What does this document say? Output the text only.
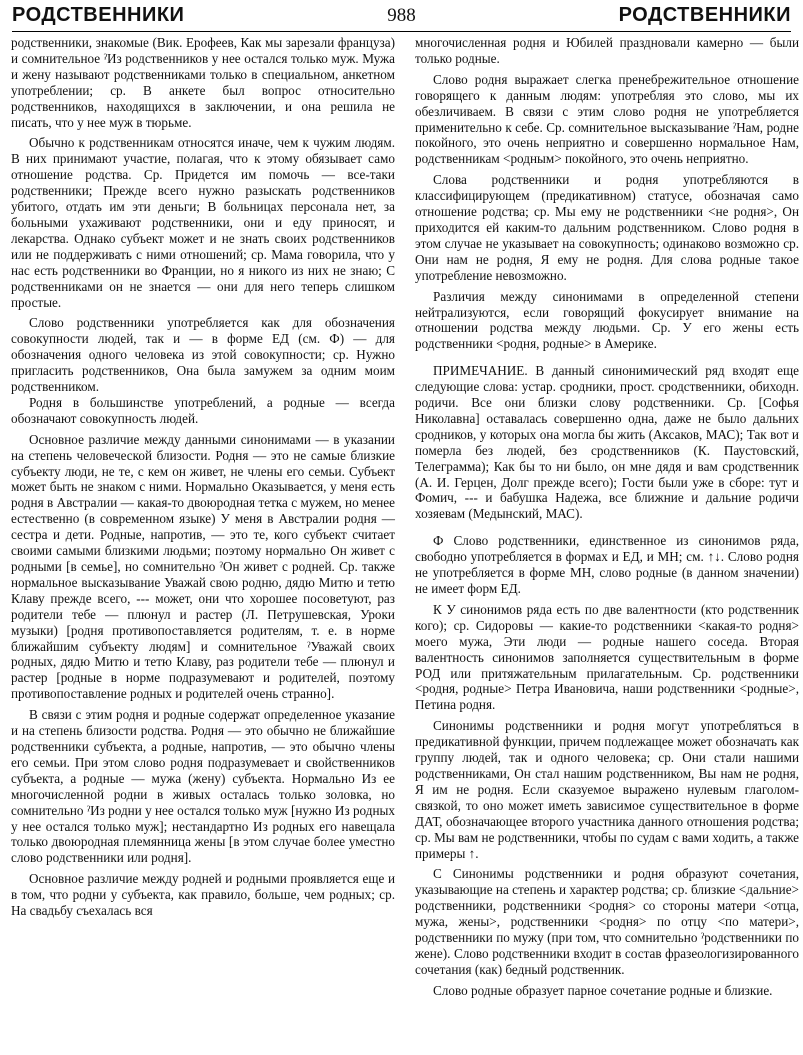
РОДСТВЕННИКИ	988	РОДСТВЕННИКИ

родственники, знакомые (Вик. Ерофеев, Как мы зарезали француза) и сомнительное ˀИз родственников у нее остался только муж. Мужа и жену называют родственниками только в специальном, анкетном употреблении; ср. В анкете был вопрос относительно родственников, находящихся в заключении, и она решила не писать, что у нее муж в тюрьме.

Обычно к родственникам относятся иначе, чем к чужим людям. В них принимают участие, полагая, что к этому обязывает само отношение родства. Ср. Придется им помочь — все-таки родственники; Прежде всего нужно разыскать родственников убитого, отдать им эти деньги; В больницах персонала нет, за больными ухаживают родственники, они и еду приносят, и лекарства. Однако субъект может и не знать своих родственников или не поддерживать с ними отношений; ср. Мама говорила, что у нас есть родственники во Франции, но я никого из них не знаю; С родственниками он не знается — они для него теперь слишком простые.

Слово родственники употребляется как для обозначения совокупности людей, так и — в форме ЕД (см. Ф) — для обозначения одного человека из этой совокупности; ср. Нужно пригласить родственников, Она была замужем за одним моим родственником.

Родня в большинстве употреблений, а родные — всегда обозначают совокупность людей.

Основное различие между данными синонимами — в указании на степень человеческой близости. Родня — это не самые близкие субъекту люди, не те, с кем он живет, не члены его семьи. Субъект может быть не знаком с ними. Нормально Оказывается, у меня есть родня в Австралии — какая-то двоюродная тетка с мужем, но менее естественно (в современном языке) У меня в Австралии родня — сестра и дети. Родные, напротив, — это те, кого субъект считает своими самыми близкими людьми; поэтому нормально Он живет с родными [в семье], но сомнительно ˀОн живет с родней. Ср. также нормальное высказывание Уважай свою родню, дядю Митю и тетю Клаву прежде всего, --- может, они что хорошее посоветуют, раз родители тебе — плюнул и растер (Л. Петрушевская, Уроки музыки) [родня противопоставляется родителям, т. е. в норме ближайшим субъекту людям] и сомнительное ˀУважай своих родных, дядю Митю и тетю Клаву, раз родители тебе — плюнул и растер [родные в норме подразумевают и родителей, поэтому противопоставление родных и родителей очень странно].

В связи с этим родня и родные содержат определенное указание и на степень близости родства. Родня — это обычно не ближайшие родственники субъекта, а родные, напротив, — это обычно члены его семьи. При этом слово родня подразумевает и свойственников субъекта, а родные — мужа (жену) субъекта. Нормально Из ее многочисленной родни в живых осталась только золовка, но сомнительно ˀИз родни у нее остался только муж [нужно Из родных у нее остался только муж]; нестандартно Из родных его навещала только двоюродная племянница жены [в этом случае более уместно слово родственники или родня].

Основное различие между родней и родными проявляется еще и в том, что родни у субъекта, как правило, больше, чем родных; ср. На свадьбу съехалась вся

многочисленная родня и Юбилей праздновали камерно — были только родные.

Слово родня выражает слегка пренебрежительное отношение говорящего к данным людям: употребляя это слово, мы их обезличиваем. В связи с этим слово родня не употребляется применительно к себе. Ср. сомнительное высказывание ˀНам, родне покойного, это очень неприятно и совершенно нормальное Нам, родственникам <родным> покойного, это очень неприятно.

Слова родственники и родня употребляются в классифицирующем (предикативном) статусе, обозначая само отношение родства; ср. Мы ему не родственники <не родня>, Он приходится ей каким-то дальним родственником. Слово родня в этом случае не указывает на совокупность; одинаково возможно ср. Они нам не родня, Я ему не родня. Для слова родные такое употребление невозможно.

Различия между синонимами в определенной степени нейтрализуются, если говорящий фокусирует внимание на отношении родства между людьми. Ср. У его жены есть родственники <родня, родные> в Америке.

ПРИМЕЧАНИЕ. В данный синонимический ряд входят еще следующие слова: устар. сродники, прост. сродственники, обиходн. родичи. Все они близки слову родственники. Ср. [Софья Николавна] оставалась совершенно одна, даже не было дальних сродников, у которых она могла бы жить (Аксаков, МАС); Так вот и померла без людей, без сродственников (К. Паустовский, Телеграмма); Как бы то ни было, он мне дядя и вам сродственник (А. И. Герцен, Долг прежде всего); Гости были уже в сборе: тут и Фомич, --- и бабушка Надежа, все ближние и дальние родичи хозяевам (Медынский, МАС).

Ф Слово родственники, единственное из синонимов ряда, свободно употребляется в формах и ЕД, и МН; см. ↑↓. Слово родня не употребляется в форме МН, слово родные (в данном значении) не имеет форм ЕД.

К У синонимов ряда есть по две валентности (кто родственник кого); ср. Сидоровы — какие-то родственники <какая-то родня> моего мужа, Эти люди — родные нашего соседа. Вторая валентность синонимов заполняется существительным в форме РОД или притяжательным прилагательным. Ср. родственники <родня, родные> Петра Ивановича, наши родственники <родные>, Петина родня.

Синонимы родственники и родня могут употребляться в предикативной функции, причем подлежащее может обозначать как группу людей, так и одного человека; ср. Они стали нашими родственниками, Он стал нашим родственником, Вы нам не родня, Я им не родня. Если сказуемое выражено нулевым глаголом-связкой, то оно может иметь зависимое существительное в форме ДАТ, обозначающее второго участника данного отношения родства; ср. Мы вам не родственники, чтобы по судам с вами ходить, а также примеры ↑.

С Синонимы родственники и родня образуют сочетания, указывающие на степень и характер родства; ср. близкие <дальние> родственники, родственники <родня> со стороны матери <отца, мужа, жены>, родственники <родня> по отцу <по матери>, родственники по мужу (при том, что сомнительно ˀродственники по жене). Слово родственники входит в состав фразеологизированного сочетания (как) бедный родственник.

Слово родные образует парное сочетание родные и близкие.
